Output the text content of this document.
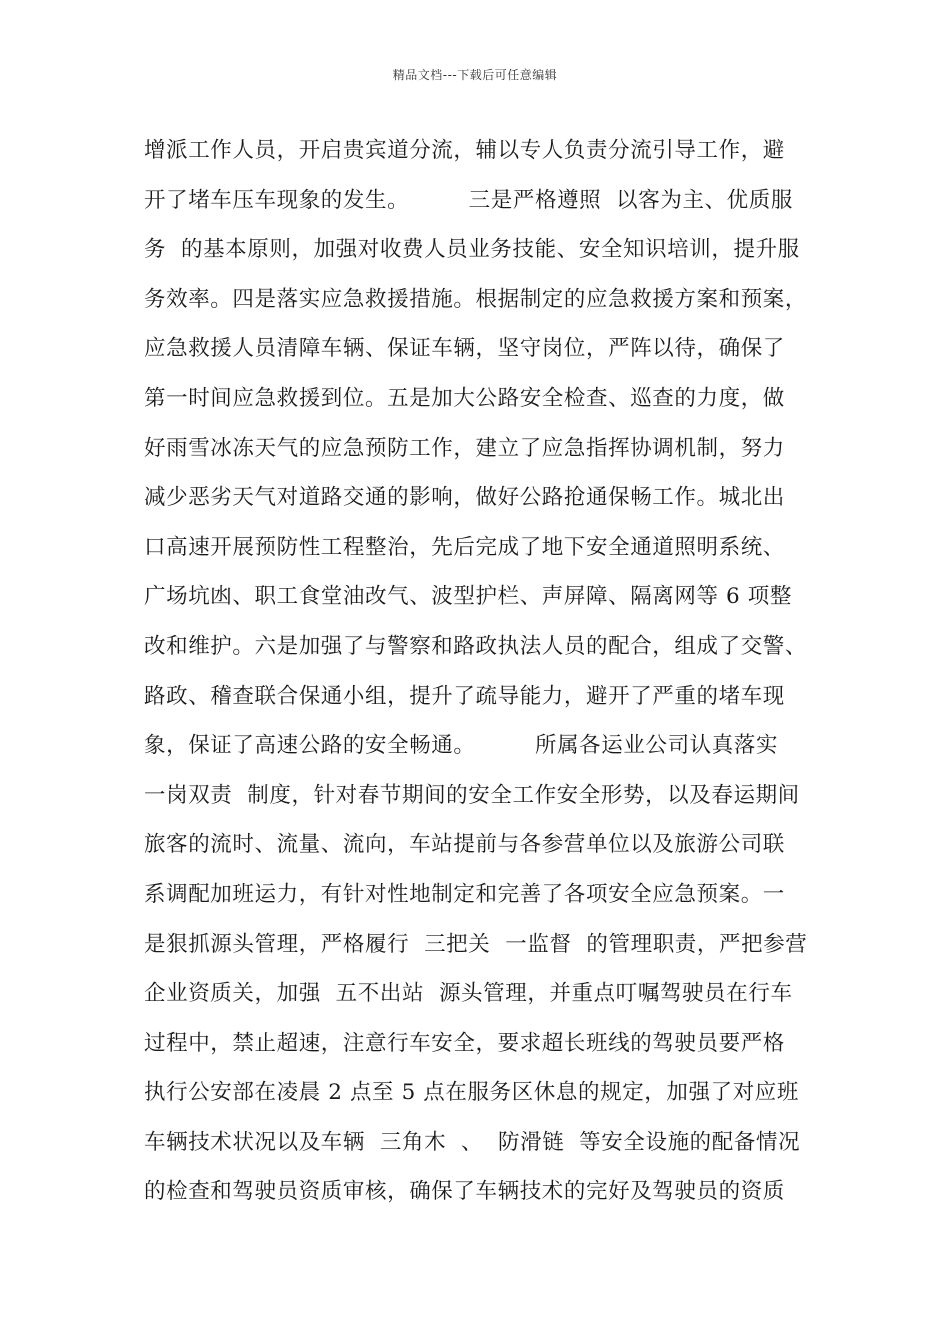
精品文档---下载后可任意编辑
增派工作人员，开启贵宾道分流，辅以专人负责分流引导工作，避
开了堵车压车现象的发生。        三是严格遵照  以客为主、优质服
务  的基本原则，加强对收费人员业务技能、安全知识培训，提升服
务效率。四是落实应急救援措施。根据制定的应急救援方案和预案，
应急救援人员清障车辆、保证车辆，坚守岗位，严阵以待，确保了
第一时间应急救援到位。五是加大公路安全检查、巡查的力度，做
好雨雪冰冻天气的应急预防工作，建立了应急指挥协调机制，努力
减少恶劣天气对道路交通的影响，做好公路抢通保畅工作。城北出
口高速开展预防性工程整治，先后完成了地下安全通道照明系统、
广场坑凼、职工食堂油改气、波型护栏、声屏障、隔离网等 6 项整
改和维护。六是加强了与警察和路政执法人员的配合，组成了交警、
路政、稽查联合保通小组，提升了疏导能力，避开了严重的堵车现
象，保证了高速公路的安全畅通。        所属各运业公司认真落实
一岗双责  制度，针对春节期间的安全工作安全形势，以及春运期间
旅客的流时、流量、流向，车站提前与各参营单位以及旅游公司联
系调配加班运力，有针对性地制定和完善了各项安全应急预案。一
是狠抓源头管理，严格履行  三把关  一监督  的管理职责，严把参营
企业资质关，加强  五不出站  源头管理，并重点叮嘱驾驶员在行车
过程中，禁止超速，注意行车安全，要求超长班线的驾驶员要严格
执行公安部在凌晨 2 点至 5 点在服务区休息的规定，加强了对应班
车辆技术状况以及车辆  三角木  、  防滑链  等安全设施的配备情况
的检查和驾驶员资质审核，确保了车辆技术的完好及驾驶员的资质
